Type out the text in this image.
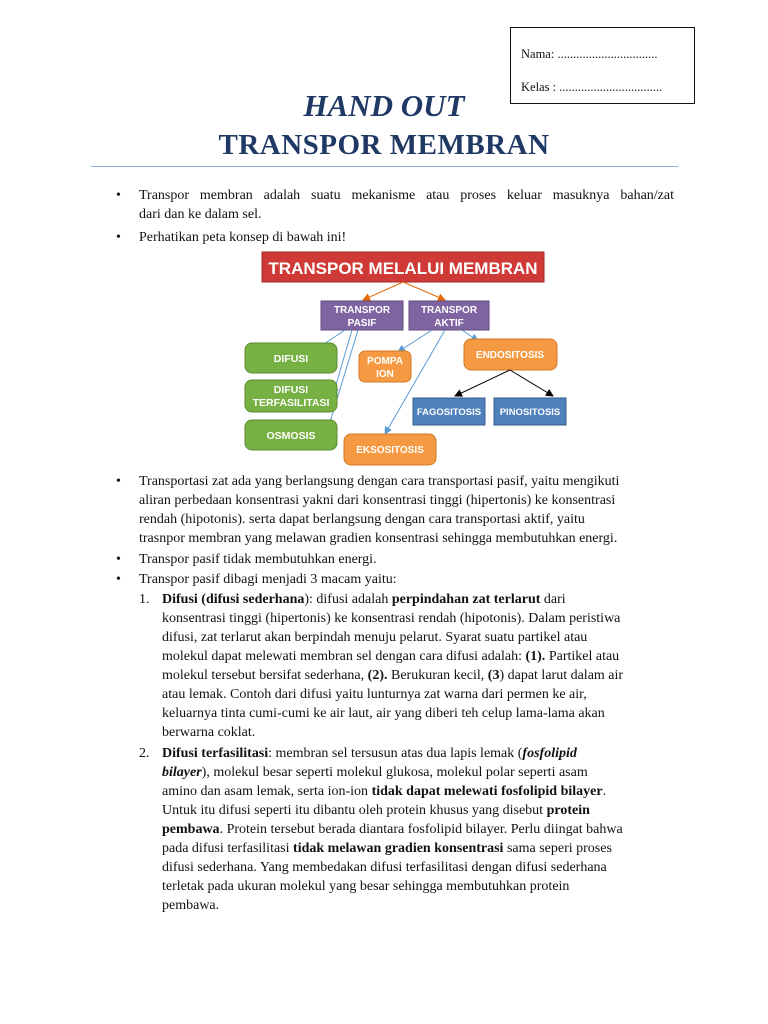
Nama: ................................
Kelas : .................................
HAND OUT
TRANSPOR MEMBRAN
• Transpor membran adalah suatu mekanisme atau proses keluar masuknya bahan/zat
dari dan ke dalam sel.
• Perhatikan peta konsep di bawah ini!
TRANSPOR MELALUI MEMBRAN
TRANSPOR
PASIF
TRANSPOR
AKTIF
DIFUSI
DIFUSI
TERFASILITASI
OSMOSIS
POMPA
ION
ENDOSITOSIS
EKSOSITOSIS
FAGOSITOSIS PINOSITOSIS
• Transportasi zat ada yang berlangsung dengan cara transportasi pasif, yaitu mengikuti
aliran perbedaan konsentrasi yakni dari konsentrasi tinggi (hipertonis) ke konsentrasi
rendah (hipotonis). serta dapat berlangsung dengan cara transportasi aktif, yaitu
trasnpor membran yang melawan gradien konsentrasi sehingga membutuhkan energi.
• Transpor pasif tidak membutuhkan energi.
• Transpor pasif dibagi menjadi 3 macam yaitu:
1. Difusi (difusi sederhana): difusi adalah perpindahan zat terlarut dari
konsentrasi tinggi (hipertonis) ke konsentrasi rendah (hipotonis). Dalam peristiwa
difusi, zat terlarut akan berpindah menuju pelarut. Syarat suatu partikel atau
molekul dapat melewati membran sel dengan cara difusi adalah: (1). Partikel atau
molekul tersebut bersifat sederhana, (2). Berukuran kecil, (3) dapat larut dalam air
atau lemak. Contoh dari difusi yaitu lunturnya zat warna dari permen ke air,
keluarnya tinta cumi-cumi ke air laut, air yang diberi teh celup lama-lama akan
berwarna coklat.
2. Difusi terfasilitasi: membran sel tersusun atas dua lapis lemak (fosfolipid
bilayer), molekul besar seperti molekul glukosa, molekul polar seperti asam
amino dan asam lemak, serta ion-ion tidak dapat melewati fosfolipid bilayer.
Untuk itu difusi seperti itu dibantu oleh protein khusus yang disebut protein
pembawa. Protein tersebut berada diantara fosfolipid bilayer. Perlu diingat bahwa
pada difusi terfasilitasi tidak melawan gradien konsentrasi sama seperi proses
difusi sederhana. Yang membedakan difusi terfasilitasi dengan difusi sederhana
terletak pada ukuran molekul yang besar sehingga membutuhkan protein
pembawa.
